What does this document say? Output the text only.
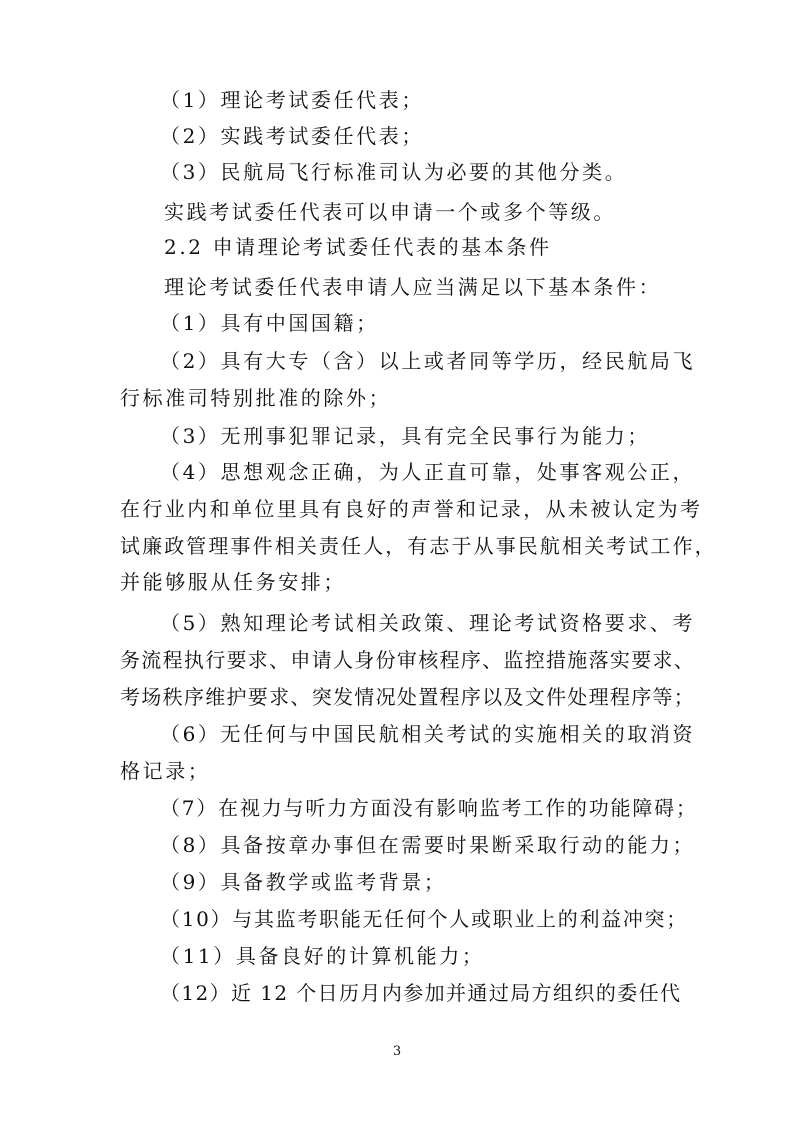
（1）理论考试委任代表；
（2）实践考试委任代表；
（3）民航局飞行标准司认为必要的其他分类。
实践考试委任代表可以申请一个或多个等级。
2.2 申请理论考试委任代表的基本条件
理论考试委任代表申请人应当满足以下基本条件：
（1）具有中国国籍；
（2）具有大专（含）以上或者同等学历，经民航局飞
行标准司特别批准的除外；
（3）无刑事犯罪记录，具有完全民事行为能力；
（4）思想观念正确，为人正直可靠，处事客观公正，
在行业内和单位里具有良好的声誉和记录，从未被认定为考
试廉政管理事件相关责任人，有志于从事民航相关考试工作，
并能够服从任务安排；
（5）熟知理论考试相关政策、理论考试资格要求、考
务流程执行要求、申请人身份审核程序、监控措施落实要求、
考场秩序维护要求、突发情况处置程序以及文件处理程序等；
（6）无任何与中国民航相关考试的实施相关的取消资
格记录；
（7）在视力与听力方面没有影响监考工作的功能障碍；
（8）具备按章办事但在需要时果断采取行动的能力；
（9）具备教学或监考背景；
（10）与其监考职能无任何个人或职业上的利益冲突；
（11）具备良好的计算机能力；
（12）近 12 个日历月内参加并通过局方组织的委任代
3
